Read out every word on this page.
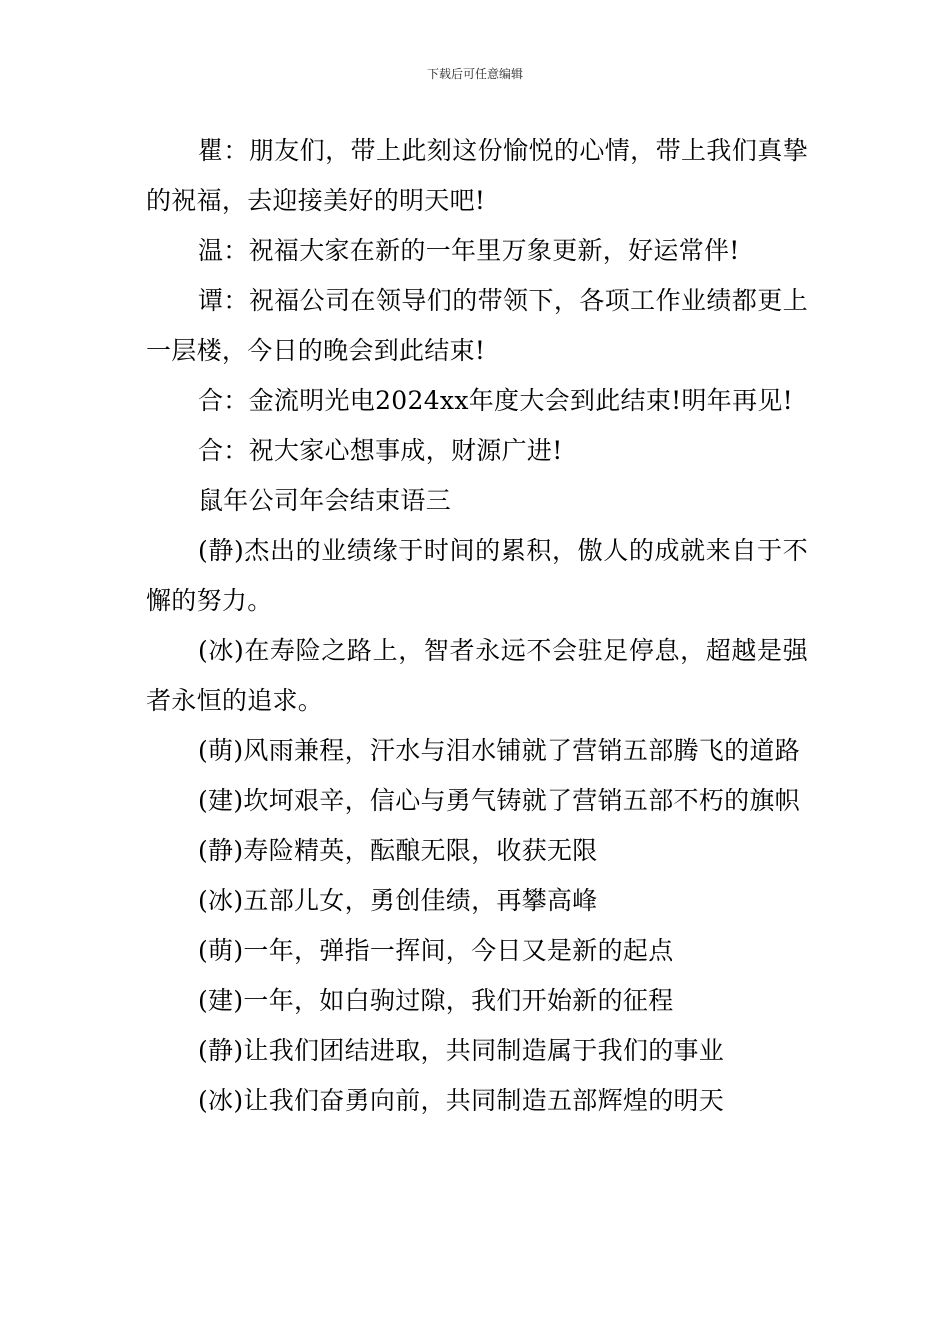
下载后可任意编辑

瞿：朋友们，带上此刻这份愉悦的心情，带上我们真挚的祝福，去迎接美好的明天吧!

温：祝福大家在新的一年里万象更新，好运常伴!

谭：祝福公司在领导们的带领下，各项工作业绩都更上一层楼，今日的晚会到此结束!

合：金流明光电2024xx年度大会到此结束!明年再见!

合：祝大家心想事成，财源广进!

鼠年公司年会结束语三

(静)杰出的业绩缘于时间的累积，傲人的成就来自于不懈的努力。

(冰)在寿险之路上，智者永远不会驻足停息，超越是强者永恒的追求。

(萌)风雨兼程，汗水与泪水铺就了营销五部腾飞的道路

(建)坎坷艰辛，信心与勇气铸就了营销五部不朽的旗帜

(静)寿险精英，酝酿无限，收获无限

(冰)五部儿女，勇创佳绩，再攀高峰

(萌)一年，弹指一挥间，今日又是新的起点

(建)一年，如白驹过隙，我们开始新的征程

(静)让我们团结进取，共同制造属于我们的事业

(冰)让我们奋勇向前，共同制造五部辉煌的明天
